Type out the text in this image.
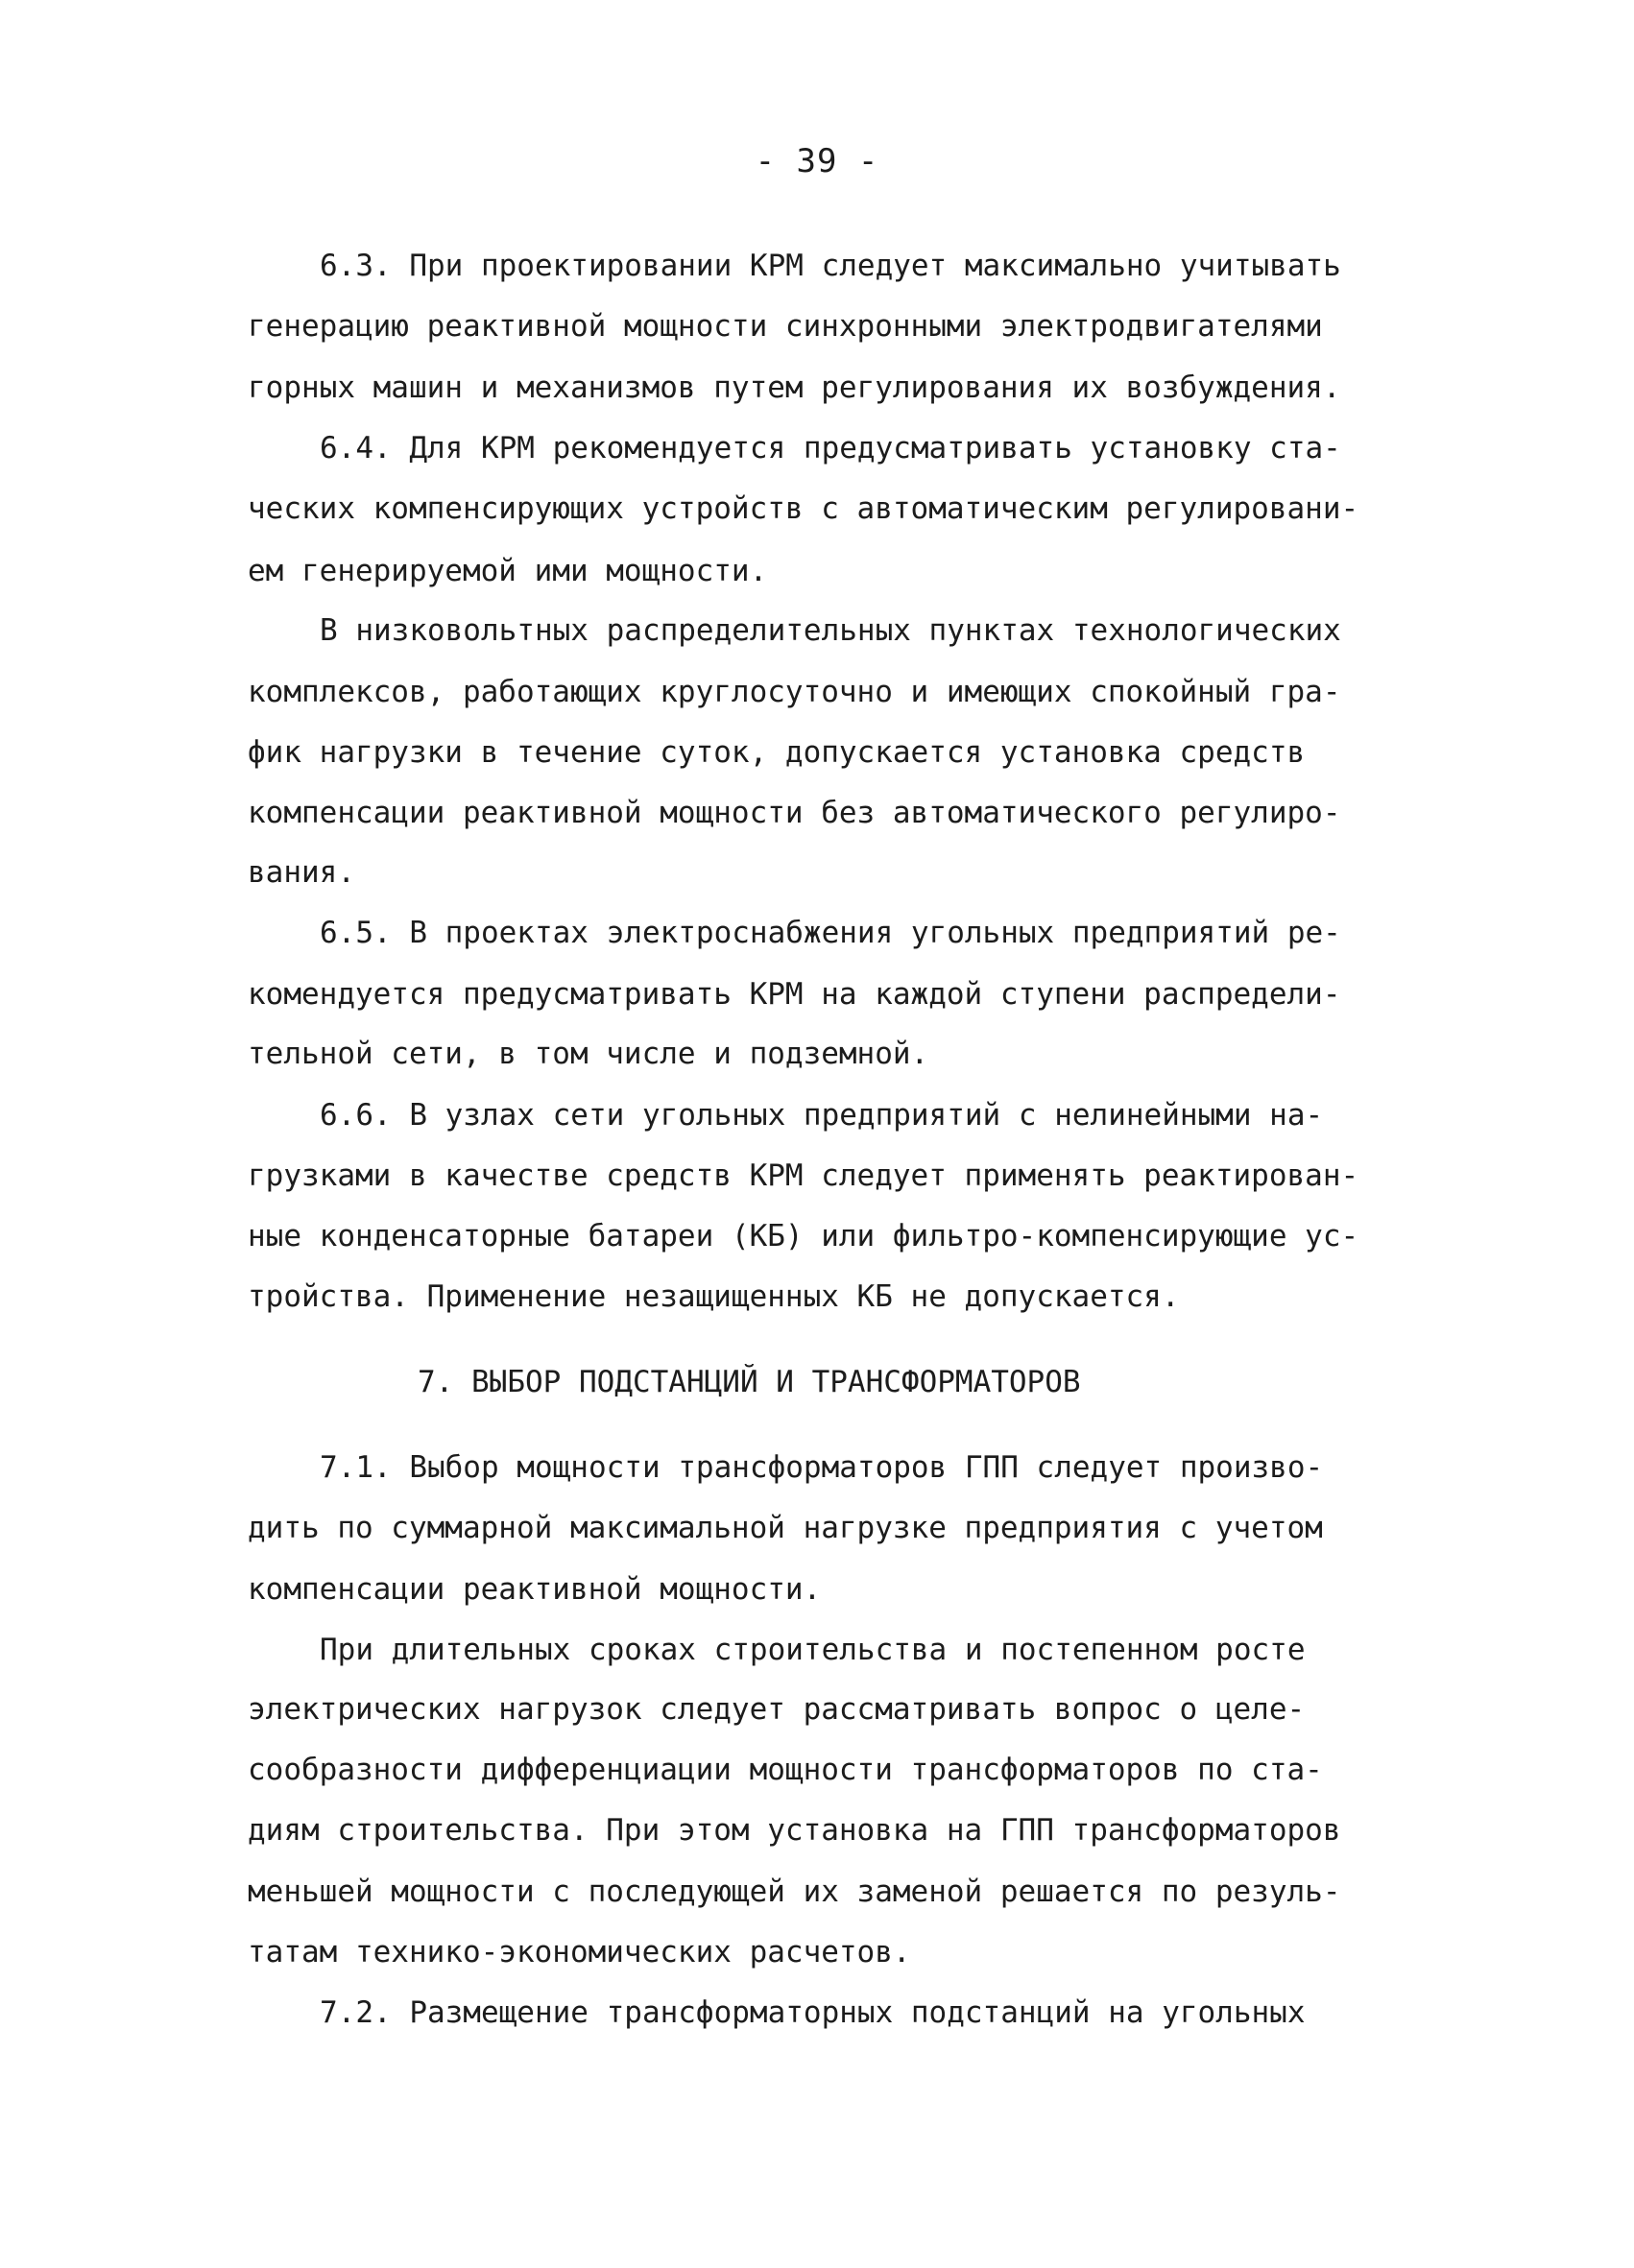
- 39 -
6.3. При проектировании КРМ следует максимально учитывать
генерацию реактивной мощности синхронными электродвигателями
горных машин и механизмов путем регулирования их возбуждения.
6.4. Для КРМ рекомендуется предусматривать установку ста-
ческих компенсирующих устройств с автоматическим регулировани-
ем генерируемой ими мощности.
В низковольтных распределительных пунктах технологических
комплексов, работающих круглосуточно и имеющих спокойный гра-
фик нагрузки в течение суток, допускается установка средств
компенсации реактивной мощности без автоматического регулиро-
вания.
6.5. В проектах электроснабжения угольных предприятий ре-
комендуется предусматривать КРМ на каждой ступени распредели-
тельной сети, в том числе и подземной.
6.6. В узлах сети угольных предприятий с нелинейными на-
грузками в качестве средств КРМ следует применять реактирован-
ные конденсаторные батареи (КБ) или фильтро-компенсирующие ус-
тройства. Применение незащищенных КБ не допускается.
7. ВЫБОР ПОДСТАНЦИЙ И ТРАНСФОРМАТОРОВ
7.1. Выбор мощности трансформаторов ГПП следует произво-
дить по суммарной максимальной нагрузке предприятия с учетом
компенсации реактивной мощности.
При длительных сроках строительства и постепенном росте
электрических нагрузок следует рассматривать вопрос о целе-
сообразности дифференциации мощности трансформаторов по ста-
диям строительства. При этом установка на ГПП трансформаторов
меньшей мощности с последующей их заменой решается по резуль-
татам технико-экономических расчетов.
7.2. Размещение трансформаторных подстанций на угольных
